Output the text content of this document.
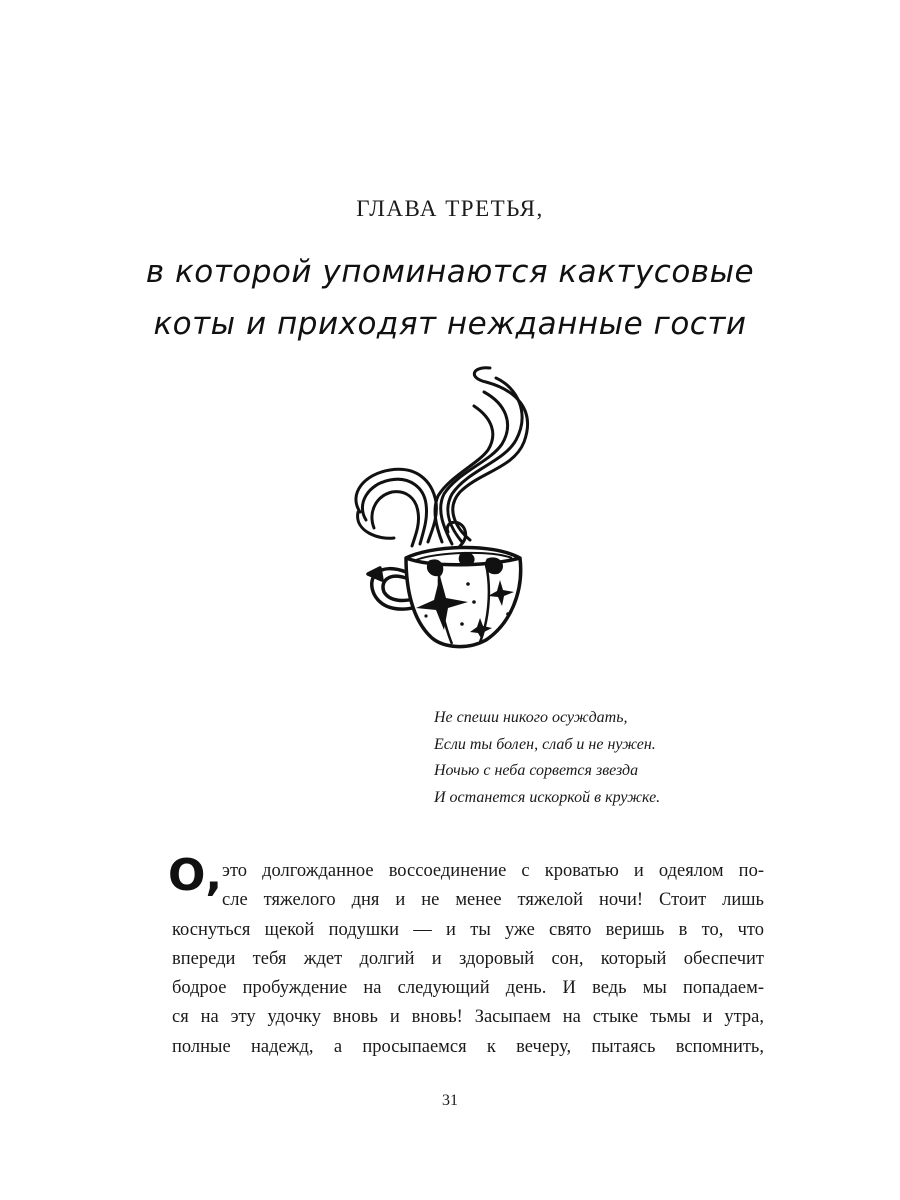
ГЛАВА ТРЕТЬЯ,
в которой упоминаются кактусовые
коты и приходят нежданные гости
Не спеши никого осуждать,
Если ты болен, слаб и не нужен.
Ночью с неба сорвется звезда
И останется искоркой в кружке.
О, это долгожданное воссоединение с кроватью и одеялом по-
сле тяжелого дня и не менее тяжелой ночи! Стоит лишь
коснуться щекой подушки — и ты уже свято веришь в то, что
впереди тебя ждет долгий и здоровый сон, который обеспечит
бодрое пробуждение на следующий день. И ведь мы попадаем-
ся на эту удочку вновь и вновь! Засыпаем на стыке тьмы и утра,
полные надежд, а просыпаемся к вечеру, пытаясь вспомнить,
31
